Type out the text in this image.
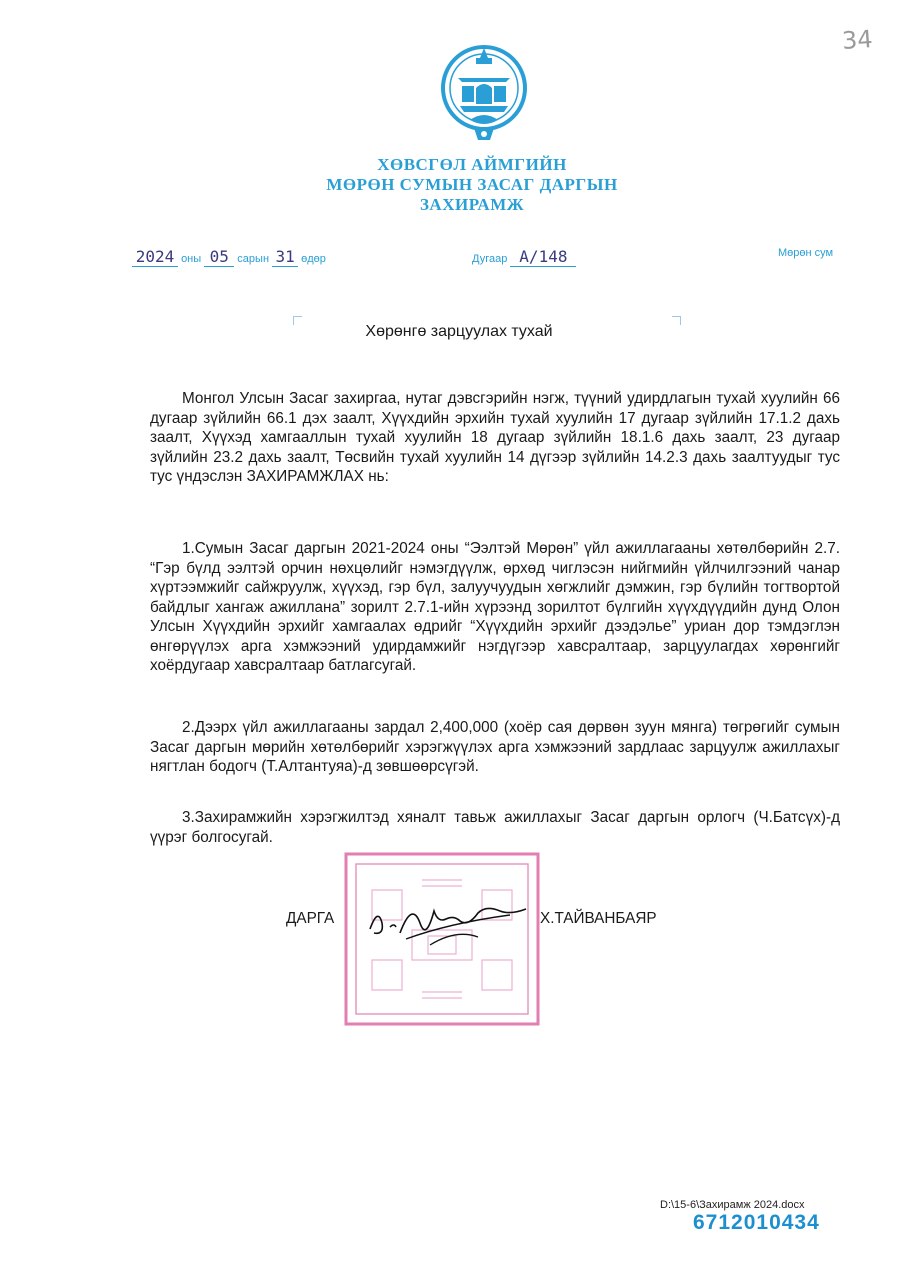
34
ХӨВСГӨЛ АЙМГИЙН
МӨРӨН СУМЫН ЗАСАГ ДАРГЫН
ЗАХИРАМЖ
2024 оны 05 сарын 31 өдөр	Дугаар А/148	Мөрөн сум
Хөрөнгө зарцуулах тухай

Монгол Улсын Засаг захиргаа, нутаг дэвсгэрийн нэгж, түүний удирдлагын тухай хуулийн 66 дугаар зүйлийн 66.1 дэх заалт, Хүүхдийн эрхийн тухай хуулийн 17 дугаар зүйлийн 17.1.2 дахь заалт, Хүүхэд хамгааллын тухай хуулийн 18 дугаар зүйлийн 18.1.6 дахь заалт, 23 дугаар зүйлийн 23.2 дахь заалт, Төсвийн тухай хуулийн 14 дүгээр зүйлийн 14.2.3 дахь заалтуудыг тус тус үндэслэн ЗАХИРАМЖЛАХ нь:

1.Сумын Засаг даргын 2021-2024 оны “Ээлтэй Мөрөн” үйл ажиллагааны хөтөлбөрийн 2.7. “Гэр бүлд ээлтэй орчин нөхцөлийг нэмэгдүүлж, өрхөд чиглэсэн нийгмийн үйлчилгээний чанар хүртээмжийг сайжруулж, хүүхэд, гэр бүл, залуучуудын хөгжлийг дэмжин, гэр бүлийн тогтвортой байдлыг хангаж ажиллана” зорилт 2.7.1-ийн хүрээнд зорилтот бүлгийн хүүхдүүдийн дунд Олон Улсын Хүүхдийн эрхийг хамгаалах өдрийг “Хүүхдийн эрхийг дээдэлье” уриан дор тэмдэглэн өнгөрүүлэх арга хэмжээний удирдамжийг нэгдүгээр хавсралтаар, зарцуулагдах хөрөнгийг хоёрдугаар хавсралтаар батлагсугай.

2.Дээрх үйл ажиллагааны зардал 2,400,000 (хоёр сая дөрвөн зуун мянга) төгрөгийг сумын Засаг даргын мөрийн хөтөлбөрийг хэрэгжүүлэх арга хэмжээний зардлаас зарцуулж ажиллахыг нягтлан бодогч (Т.Алтантуяа)-д зөвшөөрсүгэй.

3.Захирамжийн хэрэгжилтэд хяналт тавьж ажиллахыг Засаг даргын орлогч (Ч.Батсүх)-д үүрэг болгосугай.

ДАРГА	Х.ТАЙВАНБАЯР
D:\15-6\Захирамж 2024.docx
6712010434
